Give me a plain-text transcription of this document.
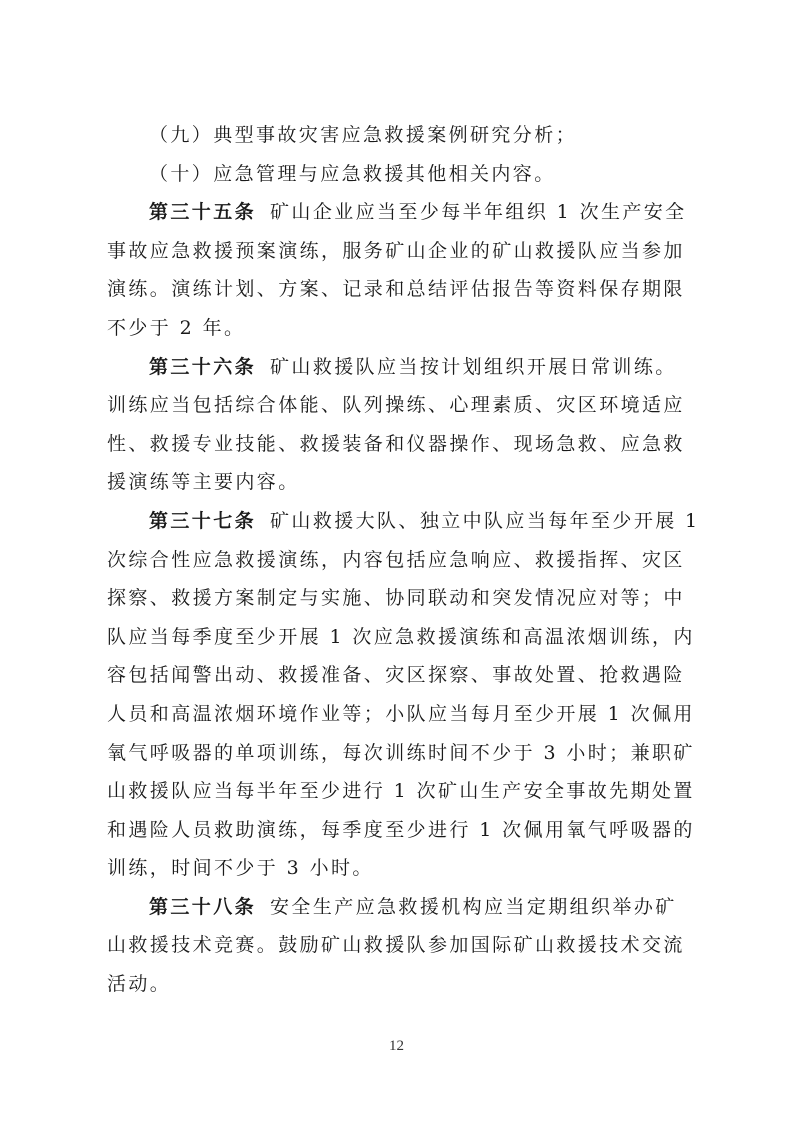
（九）典型事故灾害应急救援案例研究分析；
（十）应急管理与应急救援其他相关内容。
第三十五条 矿山企业应当至少每半年组织 1 次生产安全
事故应急救援预案演练，服务矿山企业的矿山救援队应当参加
演练。演练计划、方案、记录和总结评估报告等资料保存期限
不少于 2 年。
第三十六条 矿山救援队应当按计划组织开展日常训练。
训练应当包括综合体能、队列操练、心理素质、灾区环境适应
性、救援专业技能、救援装备和仪器操作、现场急救、应急救
援演练等主要内容。
第三十七条 矿山救援大队、独立中队应当每年至少开展 1
次综合性应急救援演练，内容包括应急响应、救援指挥、灾区
探察、救援方案制定与实施、协同联动和突发情况应对等；中
队应当每季度至少开展 1 次应急救援演练和高温浓烟训练，内
容包括闻警出动、救援准备、灾区探察、事故处置、抢救遇险
人员和高温浓烟环境作业等；小队应当每月至少开展 1 次佩用
氧气呼吸器的单项训练，每次训练时间不少于 3 小时；兼职矿
山救援队应当每半年至少进行 1 次矿山生产安全事故先期处置
和遇险人员救助演练，每季度至少进行 1 次佩用氧气呼吸器的
训练，时间不少于 3 小时。
第三十八条 安全生产应急救援机构应当定期组织举办矿
山救援技术竞赛。鼓励矿山救援队参加国际矿山救援技术交流
活动。
12
